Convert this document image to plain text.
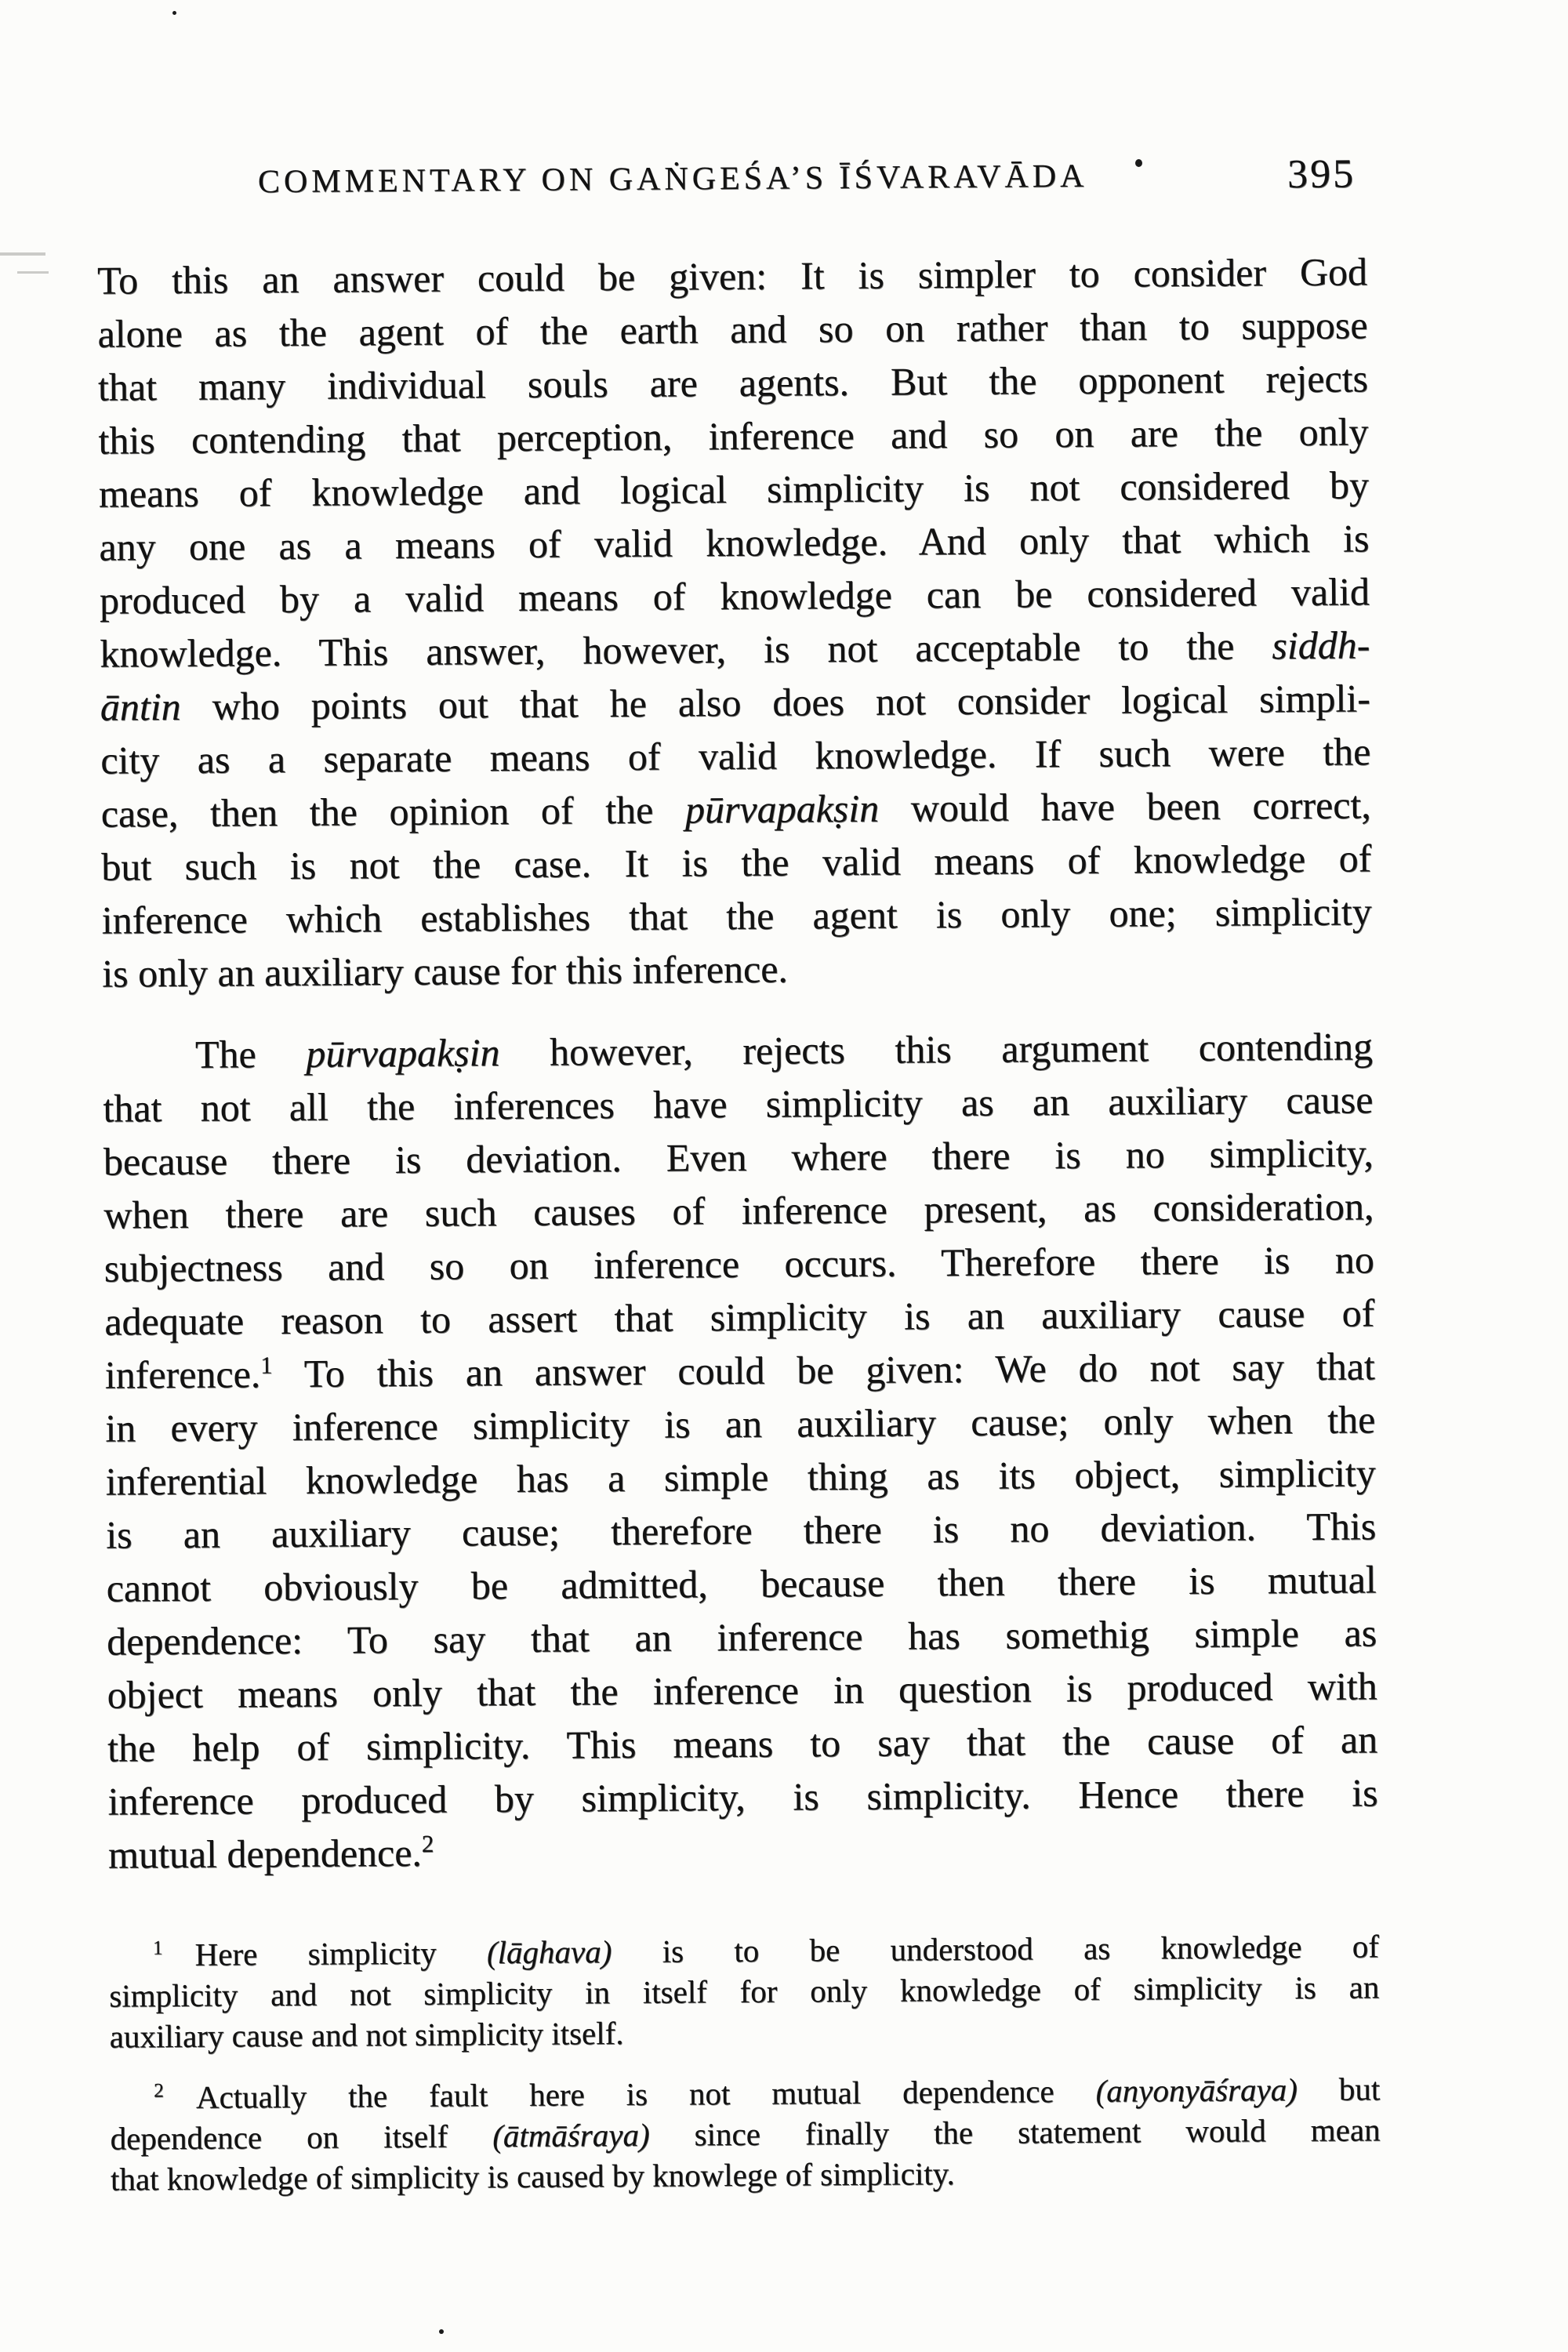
COMMENTARY ON GAṄGEŚA’S ĪŚVARAVĀDA	395
To this an answer could be given: It is simpler to consider God
alone as the agent of the earth and so on rather than to suppose
that many individual souls are agents. But the opponent rejects
this contending that perception, inference and so on are the only
means of knowledge and logical simplicity is not considered by
any one as a means of valid knowledge. And only that which is
produced by a valid means of knowledge can be considered valid
knowledge. This answer, however, is not acceptable to the siddh-
āntin who points out that he also does not consider logical simpli-
city as a separate means of valid knowledge. If such were the
case, then the opinion of the pūrvapakṣin would have been correct,
but such is not the case. It is the valid means of knowledge of
inference which establishes that the agent is only one; simplicity
is only an auxiliary cause for this inference.
The pūrvapakṣin however, rejects this argument contending
that not all the inferences have simplicity as an auxiliary cause
because there is deviation. Even where there is no simplicity,
when there are such causes of inference present, as consideration,
subjectness and so on inference occurs. Therefore there is no
adequate reason to assert that simplicity is an auxiliary cause of
inference.$^1$ To this an answer could be given: We do not say that
in every inference simplicity is an auxiliary cause; only when the
inferential knowledge has a simple thing as its object, simplicity
is an auxiliary cause; therefore there is no deviation. This
cannot obviously be admitted, because then there is mutual
dependence: To say that an inference has somethig simple as
object means only that the inference in question is produced with
the help of simplicity. This means to say that the cause of an
inference produced by simplicity, is simplicity. Hence there is
mutual dependence.$^2$
$^1$ Here simplicity (lāghava) is to be understood as knowledge of
simplicity and not simplicity in itself for only knowledge of simplicity is an
auxiliary cause and not simplicity itself.
$^2$ Actually the fault here is not mutual dependence (anyonyāśraya) but
dependence on itself (ātmāśraya) since finally the statement would mean
that knowledge of simplicity is caused by knowlege of simplicity.
